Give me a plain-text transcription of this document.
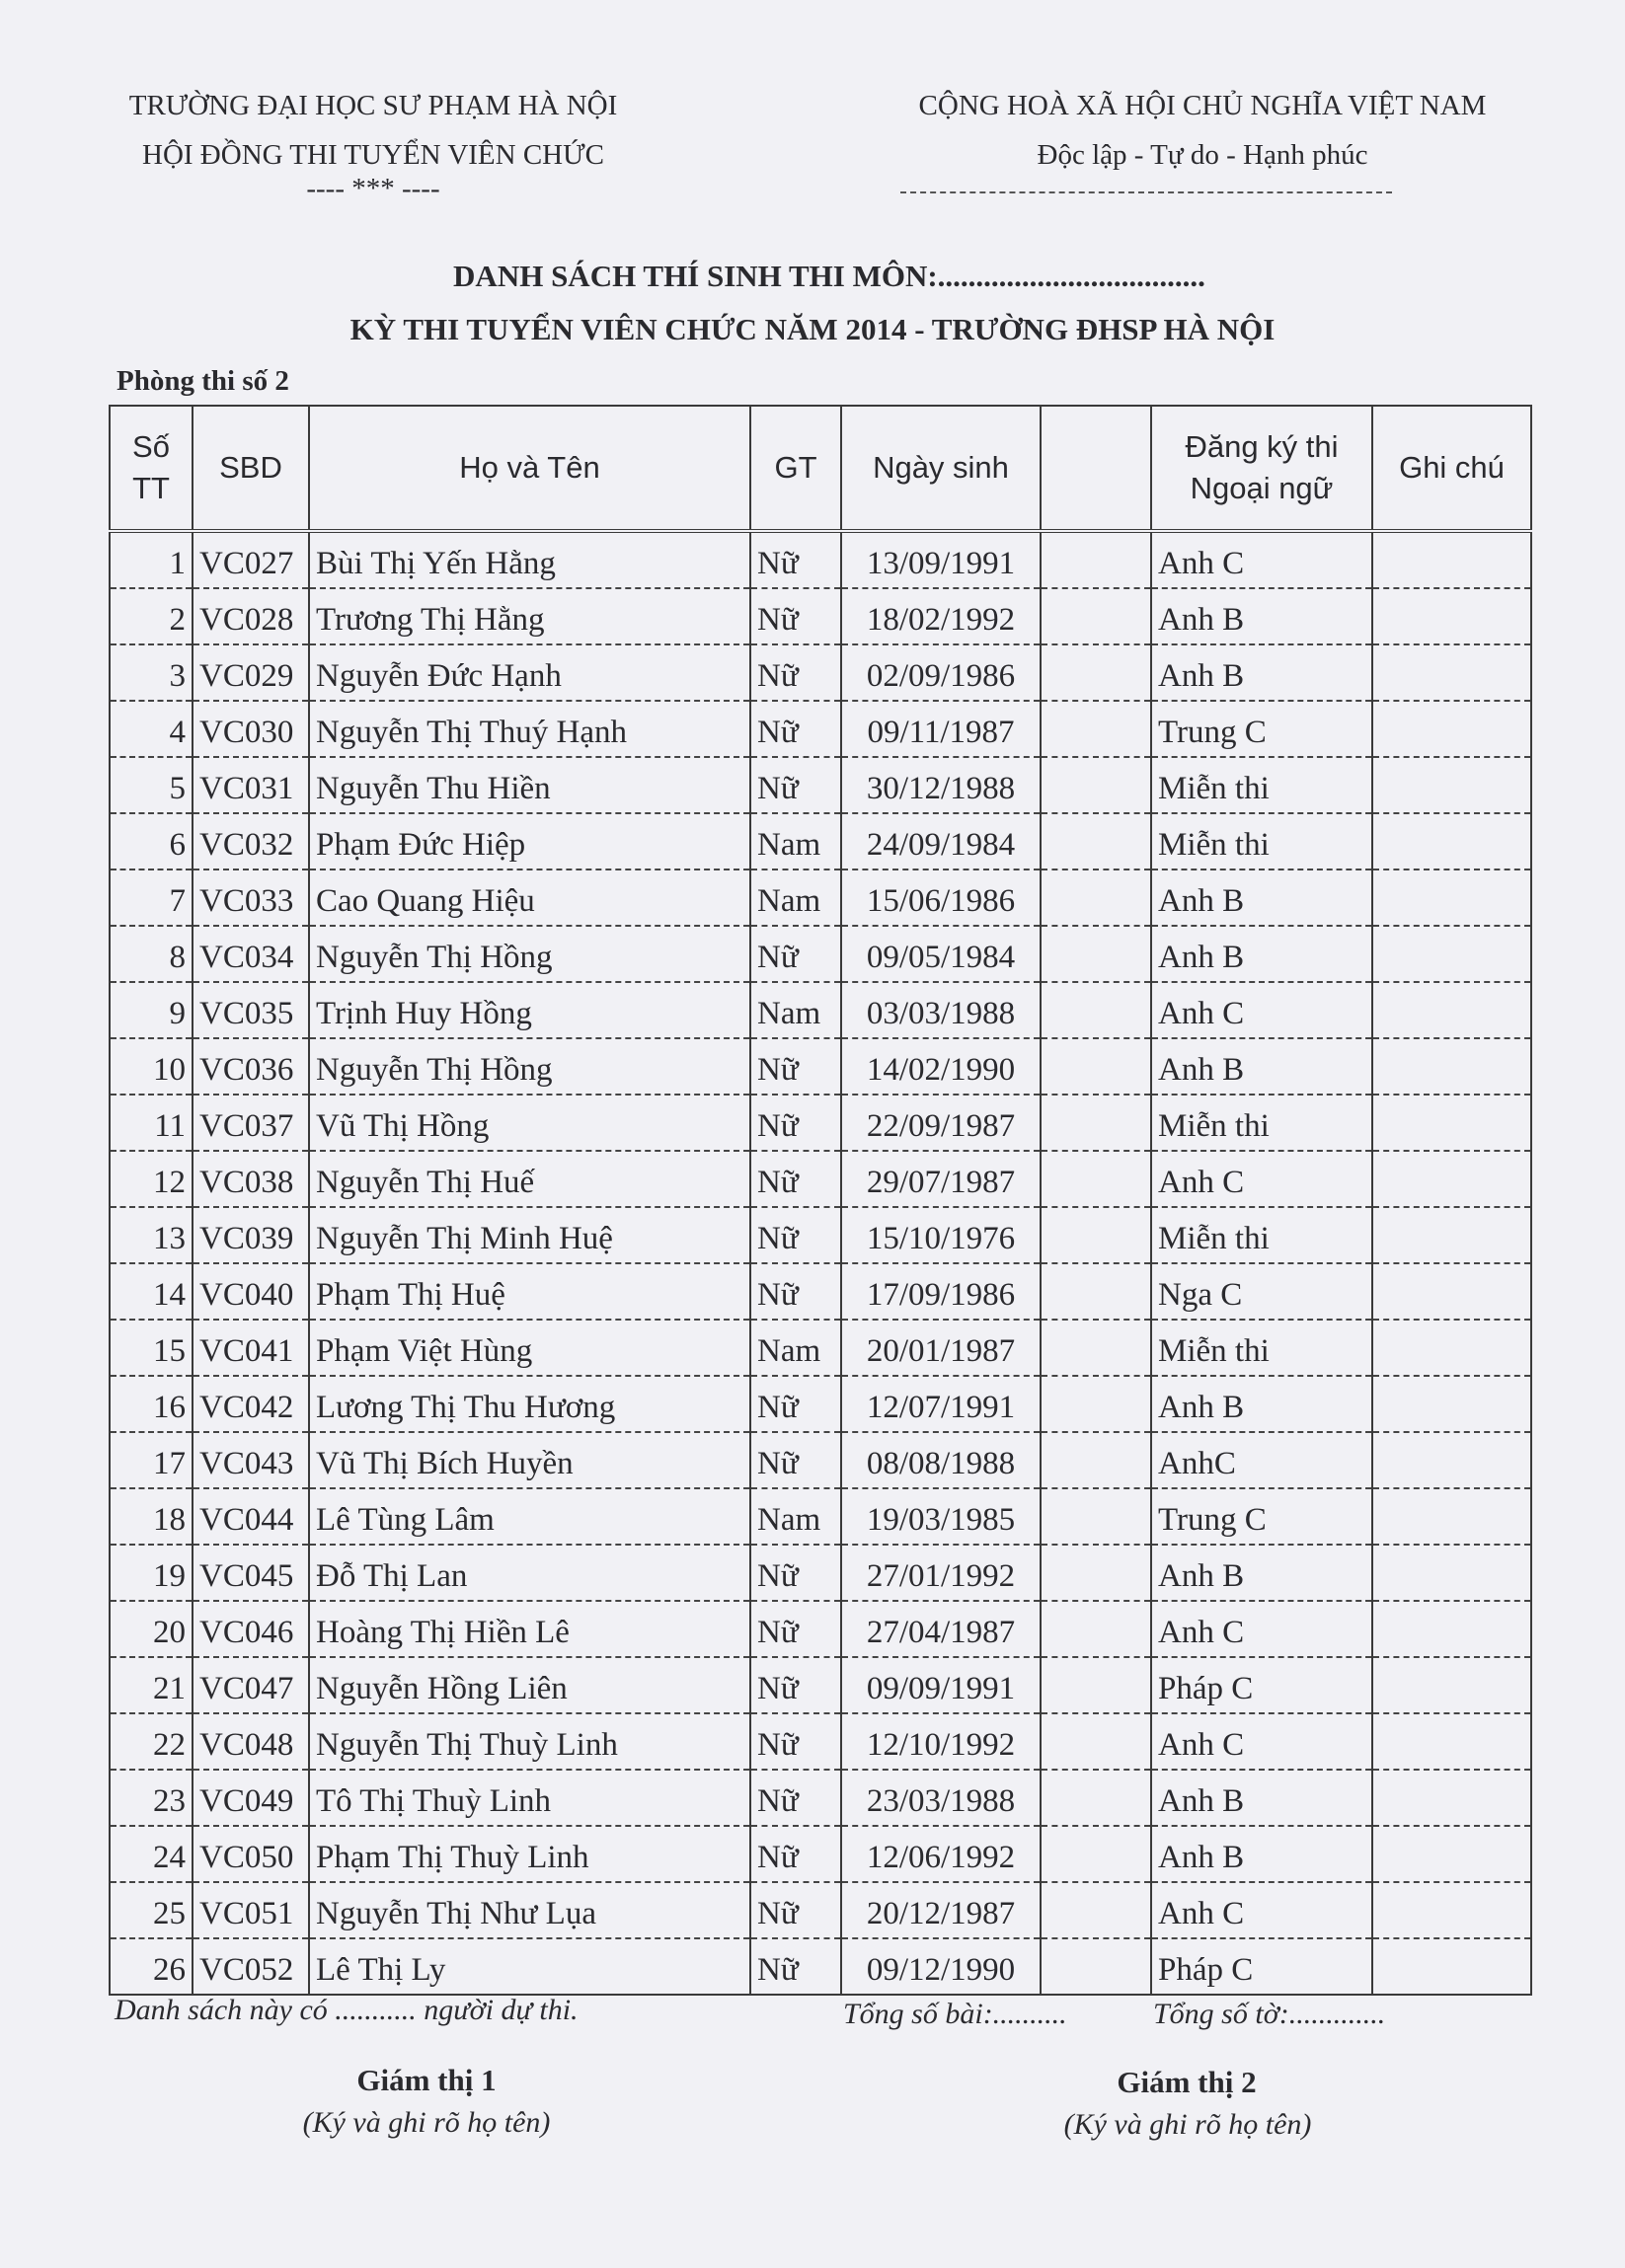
TRƯỜNG ĐẠI HỌC SƯ PHẠM HÀ NỘI
HỘI ĐỒNG THI TUYỂN VIÊN CHỨC
---- *** ----
CỘNG HOÀ XÃ HỘI CHỦ NGHĨA VIỆT NAM
Độc lập - Tự do - Hạnh phúc
DANH SÁCH THÍ SINH THI MÔN:...................................
KỲ THI TUYỂN VIÊN CHỨC NĂM 2014 - TRƯỜNG ĐHSP HÀ NỘI
Phòng thi số 2
Số TT	SBD	Họ và Tên	GT	Ngày sinh		Đăng ký thi Ngoại ngữ	Ghi chú
1	VC027	Bùi Thị Yến Hằng	Nữ	13/09/1991		Anh C	
2	VC028	Trương Thị Hằng	Nữ	18/02/1992		Anh B	
3	VC029	Nguyễn Đức Hạnh	Nữ	02/09/1986		Anh B	
4	VC030	Nguyễn Thị Thuý Hạnh	Nữ	09/11/1987		Trung C	
5	VC031	Nguyễn Thu Hiền	Nữ	30/12/1988		Miễn thi	
6	VC032	Phạm Đức Hiệp	Nam	24/09/1984		Miễn thi	
7	VC033	Cao Quang Hiệu	Nam	15/06/1986		Anh B	
8	VC034	Nguyễn Thị Hồng	Nữ	09/05/1984		Anh B	
9	VC035	Trịnh Huy Hồng	Nam	03/03/1988		Anh C	
10	VC036	Nguyễn Thị Hồng	Nữ	14/02/1990		Anh B	
11	VC037	Vũ Thị Hồng	Nữ	22/09/1987		Miễn thi	
12	VC038	Nguyễn Thị Huế	Nữ	29/07/1987		Anh C	
13	VC039	Nguyễn Thị Minh Huệ	Nữ	15/10/1976		Miễn thi	
14	VC040	Phạm Thị Huệ	Nữ	17/09/1986		Nga C	
15	VC041	Phạm Việt Hùng	Nam	20/01/1987		Miễn thi	
16	VC042	Lương Thị Thu Hương	Nữ	12/07/1991		Anh B	
17	VC043	Vũ Thị Bích Huyền	Nữ	08/08/1988		AnhC	
18	VC044	Lê Tùng Lâm	Nam	19/03/1985		Trung C	
19	VC045	Đỗ Thị Lan	Nữ	27/01/1992		Anh B	
20	VC046	Hoàng Thị Hiền Lê	Nữ	27/04/1987		Anh C	
21	VC047	Nguyễn Hồng Liên	Nữ	09/09/1991		Pháp C	
22	VC048	Nguyễn Thị Thuỳ Linh	Nữ	12/10/1992		Anh C	
23	VC049	Tô Thị Thuỳ Linh	Nữ	23/03/1988		Anh B	
24	VC050	Phạm Thị Thuỳ Linh	Nữ	12/06/1992		Anh B	
25	VC051	Nguyễn Thị Như Lụa	Nữ	20/12/1987		Anh C	
26	VC052	Lê Thị Ly	Nữ	09/12/1990		Pháp C	
Danh sách này có ........... người dự thi.	Tổng số bài:..........	Tổng số tờ:.............
Giám thị 1
(Ký và ghi rõ họ tên)
Giám thị 2
(Ký và ghi rõ họ tên)
